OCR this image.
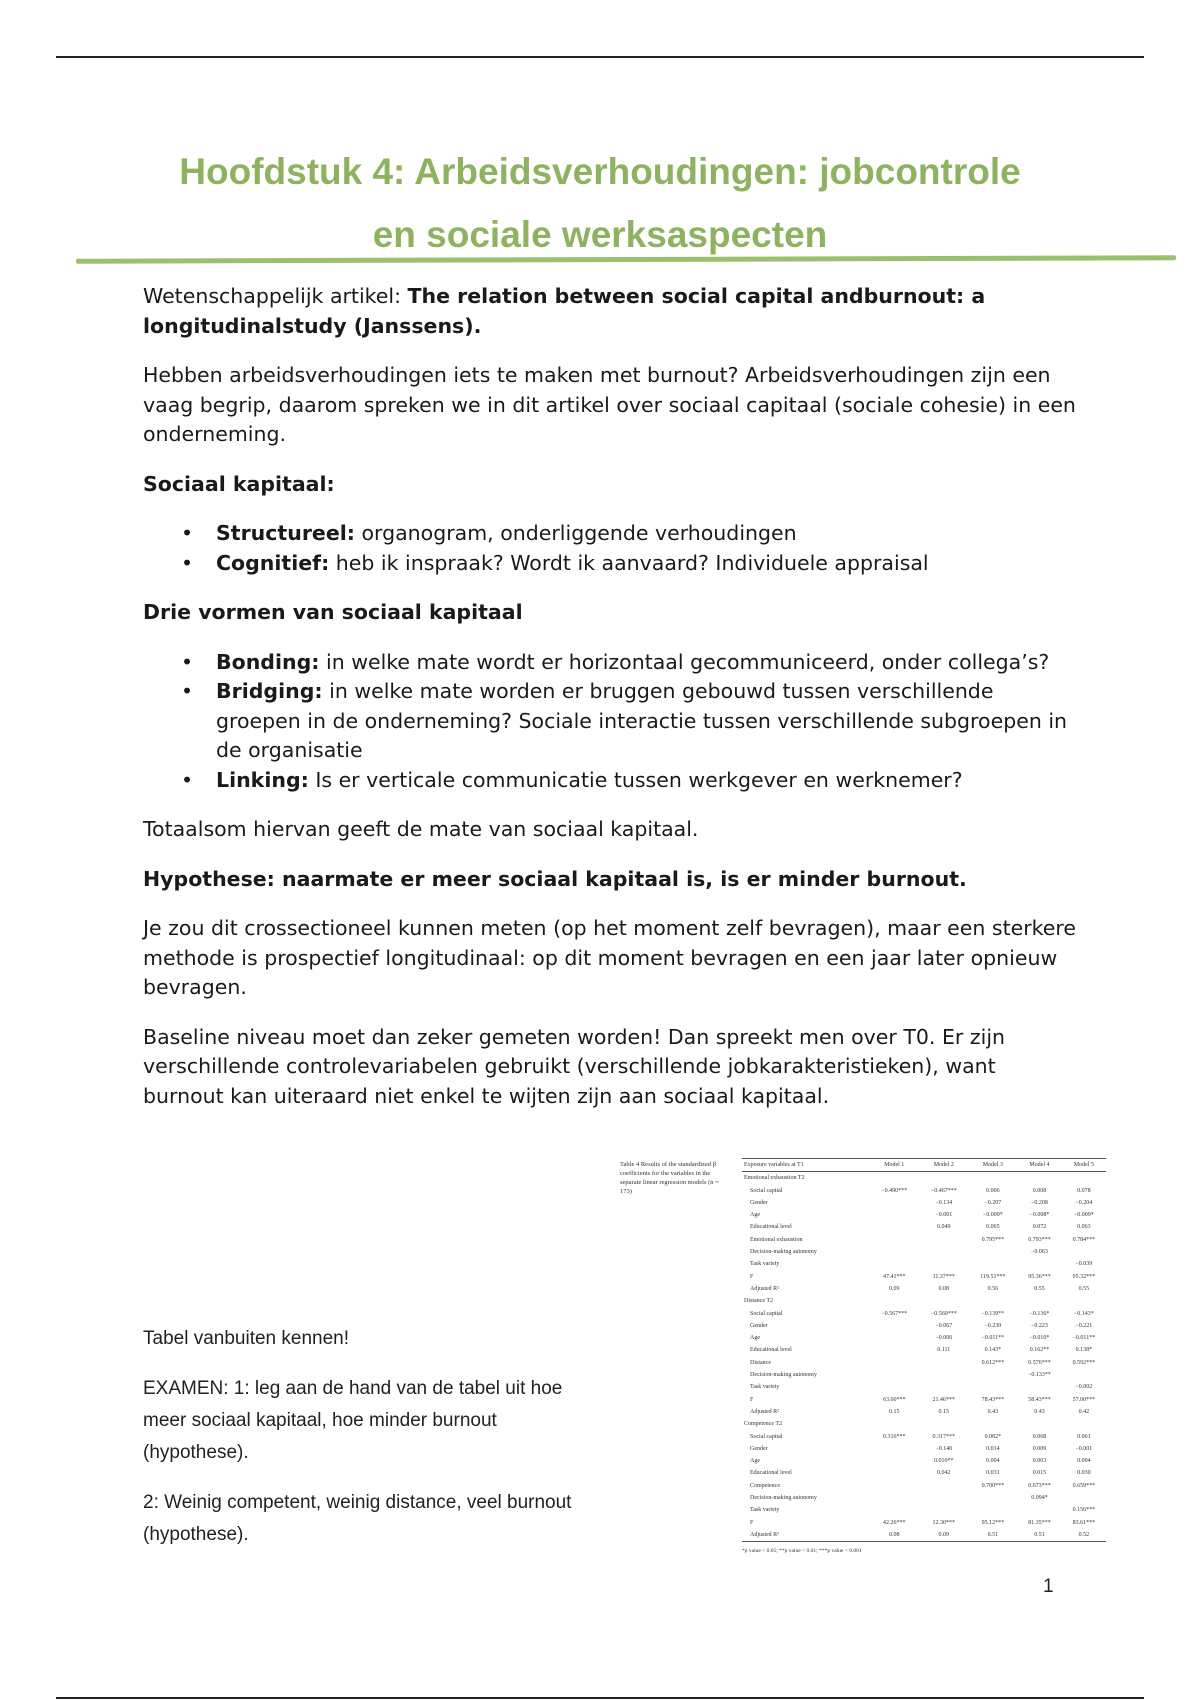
Hoofdstuk 4: Arbeidsverhoudingen: jobcontrole
en sociale werksaspecten

Wetenschappelijk artikel: The relation between social capital andburnout: a longitudinalstudy (Janssens).

Hebben arbeidsverhoudingen iets te maken met burnout? Arbeidsverhoudingen zijn een vaag begrip, daarom spreken we in dit artikel over sociaal capitaal (sociale cohesie) in een onderneming.

Sociaal kapitaal:

• Structureel: organogram, onderliggende verhoudingen
• Cognitief: heb ik inspraak? Wordt ik aanvaard? Individuele appraisal

Drie vormen van sociaal kapitaal

• Bonding: in welke mate wordt er horizontaal gecommuniceerd, onder collega’s?
• Bridging: in welke mate worden er bruggen gebouwd tussen verschillende groepen in de onderneming? Sociale interactie tussen verschillende subgroepen in de organisatie
• Linking: Is er verticale communicatie tussen werkgever en werknemer?

Totaalsom hiervan geeft de mate van sociaal kapitaal.

Hypothese: naarmate er meer sociaal kapitaal is, is er minder burnout.

Je zou dit crossectioneel kunnen meten (op het moment zelf bevragen), maar een sterkere methode is prospectief longitudinaal: op dit moment bevragen en een jaar later opnieuw bevragen.

Baseline niveau moet dan zeker gemeten worden! Dan spreekt men over T0. Er zijn verschillende controlevariabelen gebruikt (verschillende jobkarakteristieken), want burnout kan uiteraard niet enkel te wijten zijn aan sociaal kapitaal.

Tabel vanbuiten kennen!

EXAMEN: 1: leg aan de hand van de tabel uit hoe meer sociaal kapitaal, hoe minder burnout (hypothese).

2: Weinig competent, weinig distance, veel burnout (hypothese).

Table 4 Results of the standardized β coefficients for the variables in the separate linear regression models (n = 173)
Exposure variables at T1	Model 1	Model 2	Model 3	Model 4	Model 5
Emotional exhaustion T2					
Social capital	−0.490***	−0.467***	0.006	0.008	0.078
Gender		−0.134	−0.207	−0.208	−0.204
Age		−0.001	−0.009*	−0.008*	−0.009*
Educational level		0.049	0.065	0.072	0.063
Emotional exhaustion			0.795***	0.793***	0.784***
Decision-making autonomy				−0.063	
Task variety					−0.039
F	47.41***	11.37***	119.51***	95.36***	95.32***
Adjusted R²	0.09	0.08	0.56	0.55	0.55
Distance T2					
Social capital	−0.567***	−0.560***	−0.139**	−0.136*	−0.143*
Gender		−0.067	−0.230	−0.223	−0.221
Age		−0.006	−0.011**	−0.010*	−0.011**
Educational level		0.111	0.143*	0.162**	0.138*
Distance			0.612***	0.576***	0.592***
Decision-making autonomy				−0.133**	
Task variety					−0.002
F	63.60***	21.46***	78.43***	58.43***	57.00***
Adjusted R²	0.15	0.15	0.43	0.43	0.42
Competence T2					
Social capital	0.316***	0.317***	0.082*	0.068	0.061
Gender		−0.140	0.014	0.009	−0.001
Age		0.010**	0.004	0.003	0.004
Educational level		0.042	0.031	0.015	0.030
Competence			0.700***	0.673***	0.659***
Decision-making autonomy				0.094*	
Task variety					0.156***
F	42.26***	12.30***	95.12***	81.35***	83.61***
Adjusted R²	0.08	0.09	0.51	0.51	0.52
*p value < 0.05; **p value < 0.01; ***p value < 0.001
1
